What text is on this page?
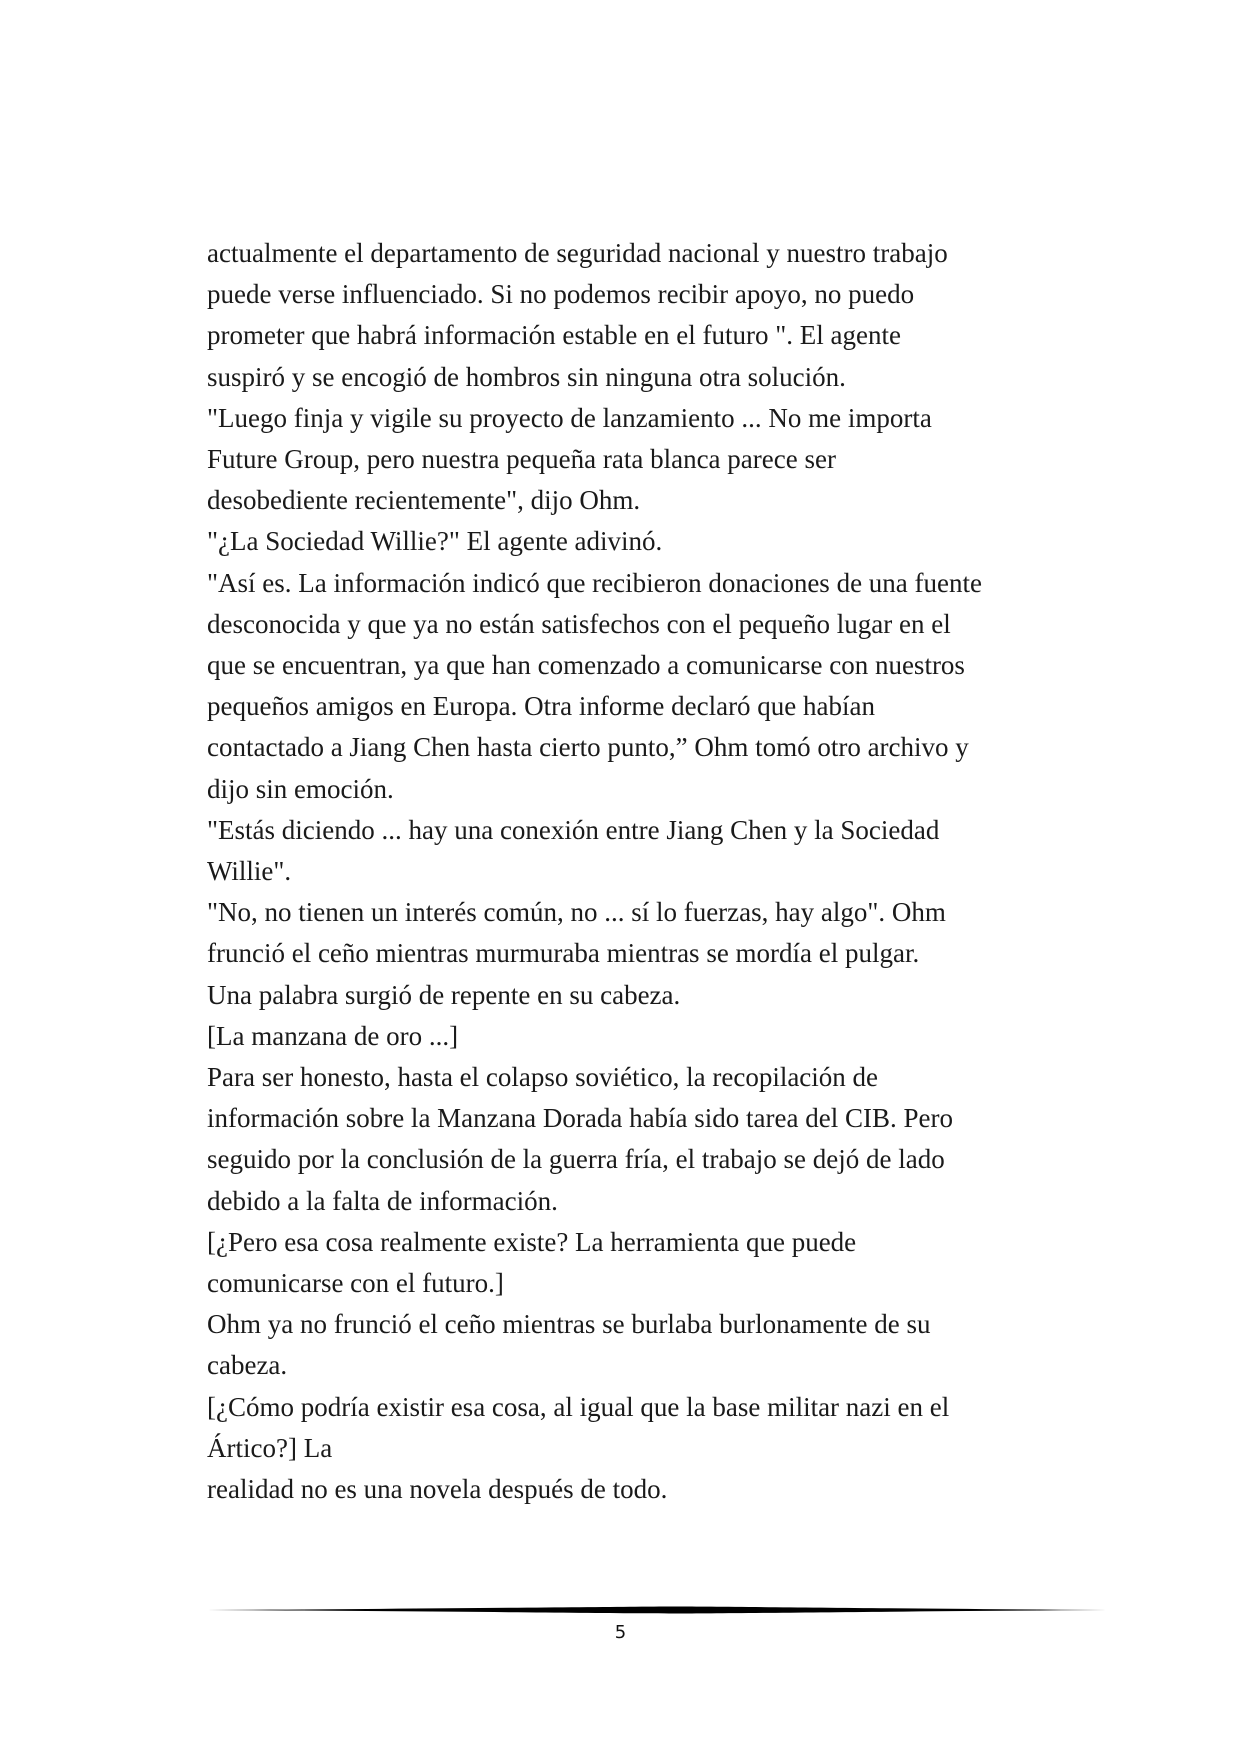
actualmente el departamento de seguridad nacional y nuestro trabajo
puede verse influenciado. Si no podemos recibir apoyo, no puedo
prometer que habrá información estable en el futuro ". El agente
suspiró y se encogió de hombros sin ninguna otra solución.
"Luego finja y vigile su proyecto de lanzamiento ... No me importa
Future Group, pero nuestra pequeña rata blanca parece ser
desobediente recientemente", dijo Ohm.
"¿La Sociedad Willie?" El agente adivinó.
"Así es. La información indicó que recibieron donaciones de una fuente
desconocida y que ya no están satisfechos con el pequeño lugar en el
que se encuentran, ya que han comenzado a comunicarse con nuestros
pequeños amigos en Europa. Otra informe declaró que habían
contactado a Jiang Chen hasta cierto punto,” Ohm tomó otro archivo y
dijo sin emoción.
"Estás diciendo ... hay una conexión entre Jiang Chen y la Sociedad
Willie".
"No, no tienen un interés común, no ... sí lo fuerzas, hay algo". Ohm
frunció el ceño mientras murmuraba mientras se mordía el pulgar.
Una palabra surgió de repente en su cabeza.
[La manzana de oro ...]
Para ser honesto, hasta el colapso soviético, la recopilación de
información sobre la Manzana Dorada había sido tarea del CIB. Pero
seguido por la conclusión de la guerra fría, el trabajo se dejó de lado
debido a la falta de información.
[¿Pero esa cosa realmente existe? La herramienta que puede
comunicarse con el futuro.]
Ohm ya no frunció el ceño mientras se burlaba burlonamente de su
cabeza.
[¿Cómo podría existir esa cosa, al igual que la base militar nazi en el
Ártico?] La
realidad no es una novela después de todo.
5
